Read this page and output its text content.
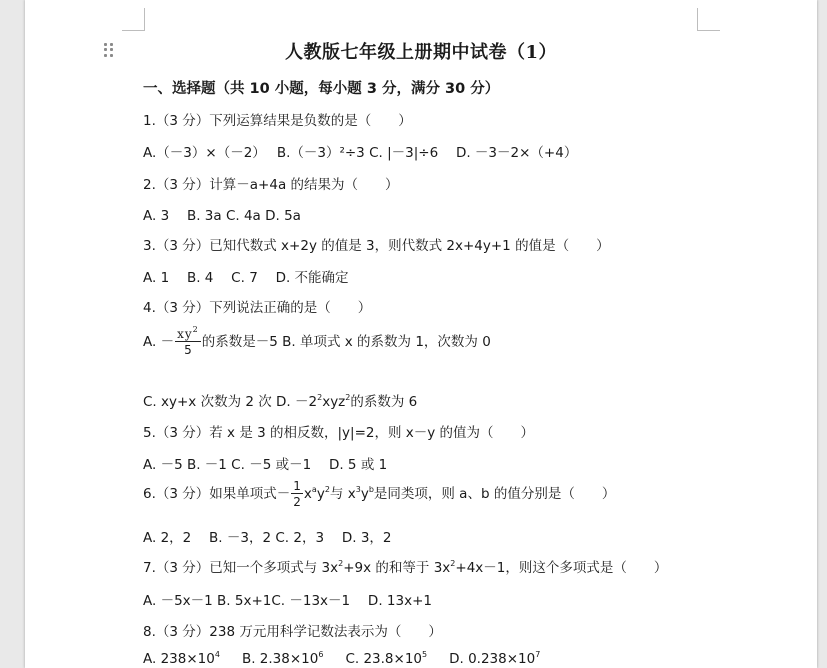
人教版七年级上册期中试卷（1）
一、选择题（共 10 小题，每小题 3 分，满分 30 分）
1.（3 分）下列运算结果是负数的是（　　）
A.（－3）×（－2）　 B.（－3）²÷3 C. |－3|÷6 　D. －3－2×（+4）
2.（3 分）计算－a+4a 的结果为（　　）
A. 3 　B. 3a C. 4a D. 5a
3.（3 分）已知代数式 x+2y 的值是 3，则代数式 2x+4y+1 的值是（　　）
A. 1 　B. 4 　C. 7 　D. 不能确定
4.（3 分）下列说法正确的是（　　）
A. － $\frac{xy^2}{5}$ 的系数是－5 B. 单项式 x 的系数为 1，次数为 0
C. xy+x 次数为 2 次 D. $-2^2xyz^2$的系数为 6
5.（3 分）若 x 是 3 的相反数，|y|=2，则 x－y 的值为（　　）
A. －5 B. －1 C. －5 或－1 　D. 5 或 1
6.（3 分）如果单项式－ $\frac{1}{2} x^ay^2$与 $x^3y^b$是同类项，则 a、b 的值分别是（　　）
A. 2，2 　B. －3，2 C. 2，3 　D. 3，2
7.（3 分）已知一个多项式与 $3x^2+9x$ 的和等于 $3x^2+4x-1$，则这个多项式是（　　）
A. －5x－1 B. 5x+1C. －13x－1 　D. 13x+1
8.（3 分）238 万元用科学记数法表示为（　　）
A. $238\times 10^4$ B. $2.38\times 10^6$ C. $23.8\times 10^5$ D. $0.238\times 10^7$
